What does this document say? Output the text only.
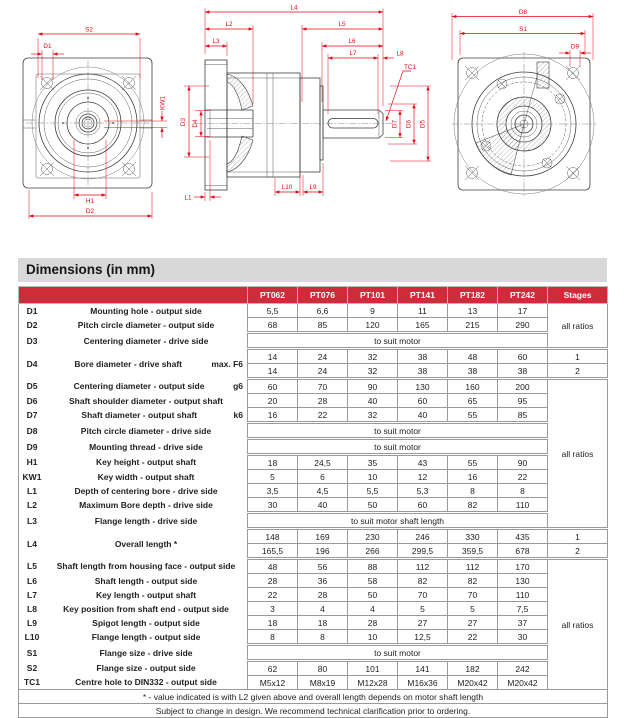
S2
D1
KW1
H1
D2
L4
L2	L5
L3	L6
L7	L8
TC1
D3 D4	D7 D6 D5
L10	L9
L1
D8
S1
D9
Dimensions (in mm)
	PT062	PT076	PT101	PT141	PT182	PT242	Stages

D1 Mounting hole - output side	5,5	6,6	9	11	13	17	all ratios

D2 Pitch circle diameter - output side	68	85	120	165	215	290	

D3 Centering diameter - drive side	to suit motor						

D4 Bore diameter - drive shaft max. F6	14	24	32	38	48	60	1
	14	24	32	38	38	38	2

D5 Centering diameter - output side g6	60	70	90	130	160	200	all ratios

D6 Shaft shoulder diameter - output shaft	20	28	40	60	65	95	

D7 Shaft diameter - output shaft k6	16	22	32	40	55	85	

D8 Pitch circle diameter - drive side	to suit motor						

D9 Mounting thread - drive side	to suit motor						

H1 Key height - output shaft	18	24,5	35	43	55	90	

KW1 Key width - output shaft	5	6	10	12	16	22	

L1 Depth of centering bore - drive side	3,5	4,5	5,5	5,3	8	8	

L2 Maximum Bore depth - drive side	30	40	50	60	82	110	

L3 Flange length - drive side	to suit motor shaft length						

L4 Overall length *	148	169	230	246	330	435	1
	165,5	196	266	299,5	359,5	678	2

L5 Shaft length from housing face - output side	48	56	88	112	112	170	all ratios

L6 Shaft length - output side	28	36	58	82	82	130	

L7 Key length - output shaft	22	28	50	70	70	110	

L8 Key position from shaft end - output side	3	4	4	5	5	7,5	

L9 Spigot length - output side	18	18	28	27	27	37	

L10 Flange length - output side	8	8	10	12,5	22	30	

S1 Flange size - drive side	to suit motor						

S2 Flange size - output side	62	80	101	141	182	242	

TC1 Centre hole to DIN332 - output side	M5x12	M8x19	M12x28	M16x36	M20x42	M20x42	
* - value indicated is with L2 given above and overall length depends on motor shaft length							
Subject to change in design. We recommend technical clarification prior to ordering.							
